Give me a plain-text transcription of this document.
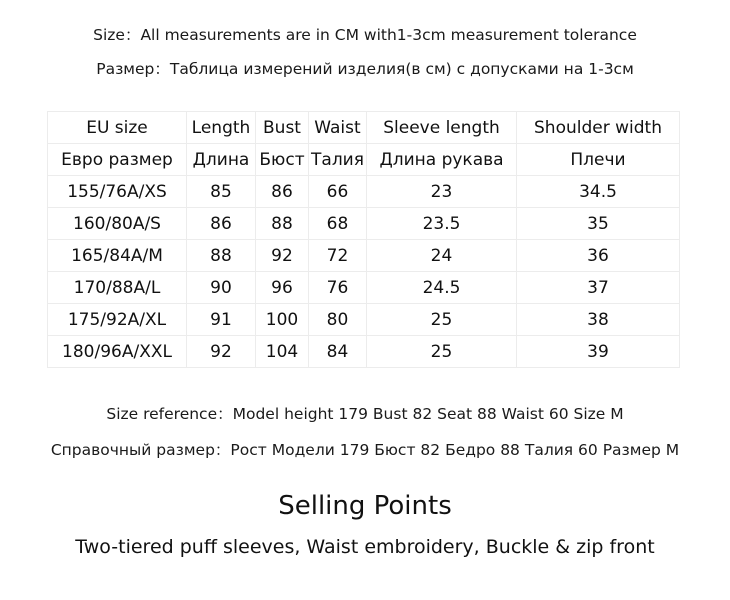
Size：All measurements are in CM with1-3cm measurement tolerance
Размер：Таблица измерений изделия(в см) с допусками на 1-3см
EU size	Length	Bust	Waist	Sleeve length	Shoulder width
Евро размер	Длина	Бюст	Талия	Длина рукава	Плечи
155/76A/XS	85	86	66	23	34.5
160/80A/S	86	88	68	23.5	35
165/84A/M	88	92	72	24	36
170/88A/L	90	96	76	24.5	37
175/92A/XL	91	100	80	25	38
180/96A/XXL	92	104	84	25	39
Size reference：Model height 179 Bust 82 Seat 88 Waist 60 Size M
Справочный размер：Рост Модели 179 Бюст 82 Бедро 88 Талия 60 Размер M
Selling Points
Two-tiered puff sleeves, Waist embroidery, Buckle & zip front
